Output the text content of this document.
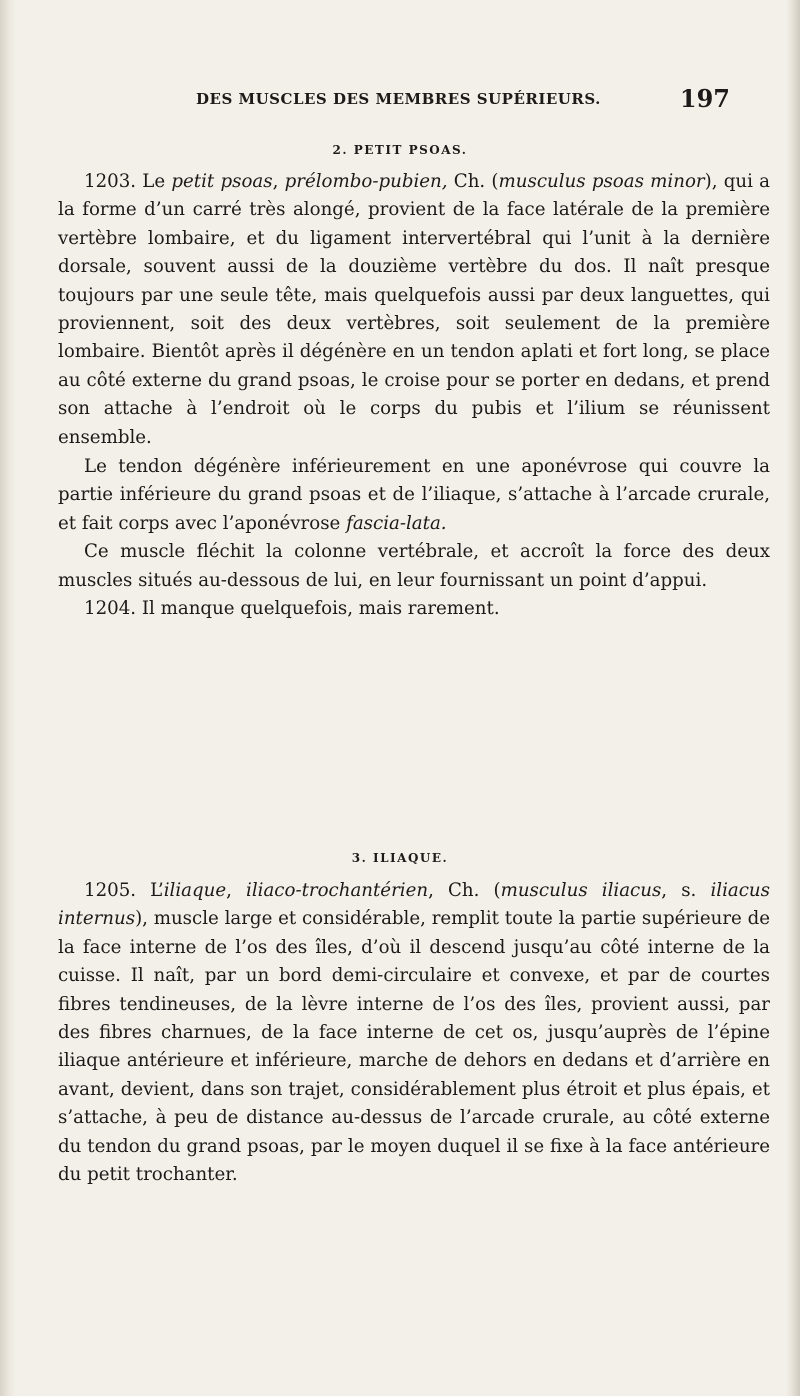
DES MUSCLES DES MEMBRES SUPÉRIEURS.	197
2. PETIT PSOAS.

1203. Le petit psoas, prélombo-pubien, Ch. (musculus psoas minor), qui a la forme d’un carré très alongé, provient de la face latérale de la première vertèbre lombaire, et du ligament intervertébral qui l’unit à la dernière dorsale, souvent aussi de la douzième vertèbre du dos. Il naît presque toujours par une seule tête, mais quelquefois aussi par deux languettes, qui proviennent, soit des deux vertèbres, soit seulement de la première lombaire. Bientôt après il dégénère en un tendon aplati et fort long, se place au côté externe du grand psoas, le croise pour se porter en dedans, et prend son attache à l’endroit où le corps du pubis et l’ilium se réunissent ensemble.

Le tendon dégénère inférieurement en une aponévrose qui couvre la partie inférieure du grand psoas et de l’iliaque, s’attache à l’arcade crurale, et fait corps avec l’aponévrose fascia-lata.

Ce muscle fléchit la colonne vertébrale, et accroît la force des deux muscles situés au-dessous de lui, en leur fournissant un point d’appui.

1204. Il manque quelquefois, mais rarement.

3. ILIAQUE.

1205. L’iliaque, iliaco-trochantérien, Ch. (musculus iliacus, s. iliacus internus), muscle large et considérable, remplit toute la partie supérieure de la face interne de l’os des îles, d’où il descend jusqu’au côté interne de la cuisse. Il naît, par un bord demi-circulaire et convexe, et par de courtes fibres tendineuses, de la lèvre interne de l’os des îles, provient aussi, par des fibres charnues, de la face interne de cet os, jusqu’auprès de l’épine iliaque antérieure et inférieure, marche de dehors en dedans et d’arrière en avant, devient, dans son trajet, considérablement plus étroit et plus épais, et s’attache, à peu de distance au-dessus de l’arcade crurale, au côté externe du tendon du grand psoas, par le moyen duquel il se fixe à la face antérieure du petit trochanter.
